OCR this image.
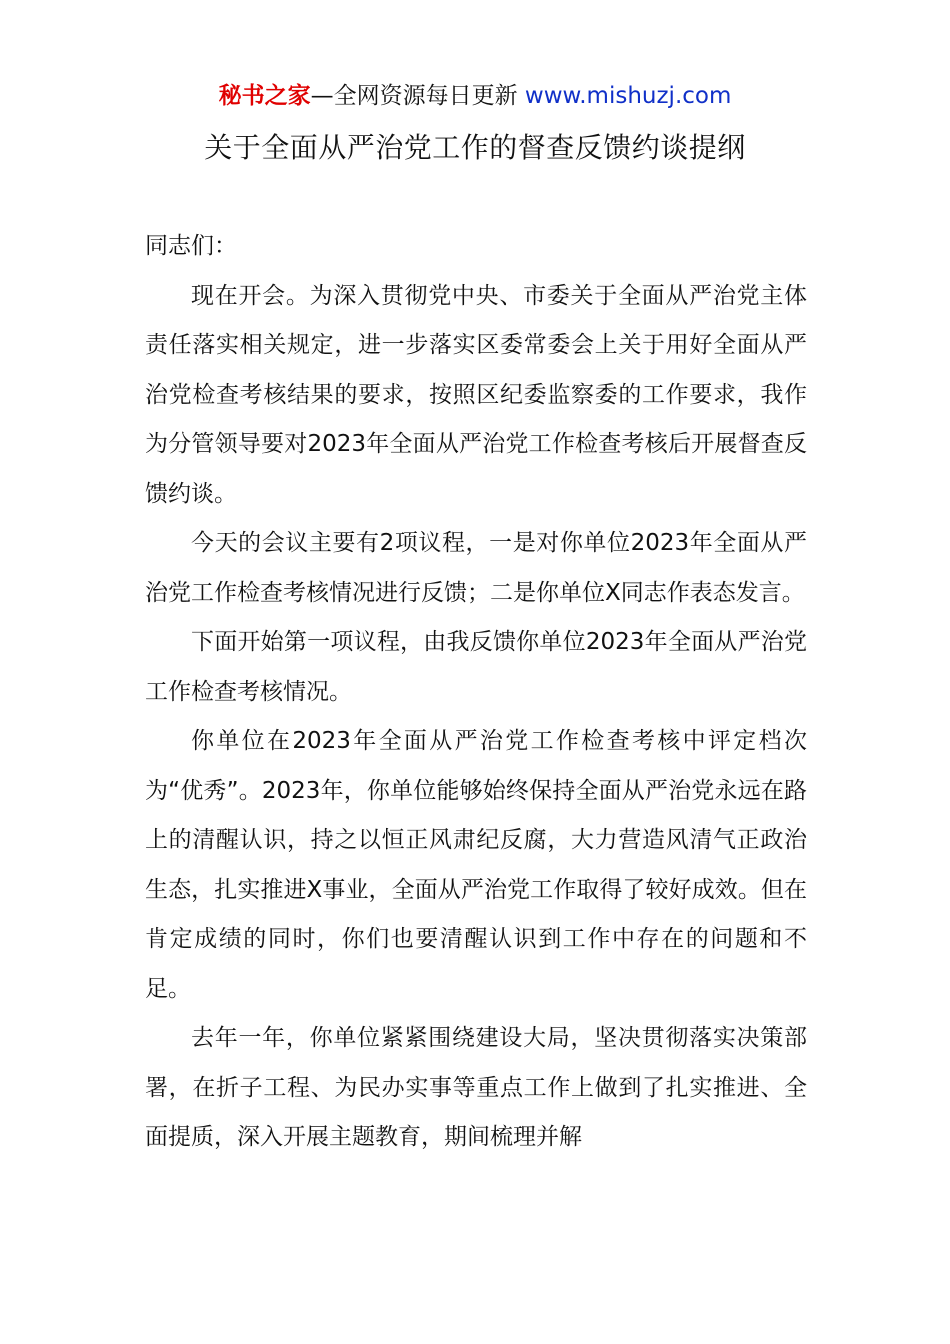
秘书之家—全网资源每日更新 www.mishuzj.com
关于全面从严治党工作的督查反馈约谈提纲

同志们：

现在开会。为深入贯彻党中央、市委关于全面从严治党主体责任落实相关规定，进一步落实区委常委会上关于用好全面从严治党检查考核结果的要求，按照区纪委监察委的工作要求，我作为分管领导要对2023年全面从严治党工作检查考核后开展督查反馈约谈。

今天的会议主要有2项议程，一是对你单位2023年全面从严治党工作检查考核情况进行反馈；二是你单位X同志作表态发言。

下面开始第一项议程，由我反馈你单位2023年全面从严治党工作检查考核情况。

你单位在2023年全面从严治党工作检查考核中评定档次为“优秀”。2023年，你单位能够始终保持全面从严治党永远在路上的清醒认识，持之以恒正风肃纪反腐，大力营造风清气正政治生态，扎实推进X事业，全面从严治党工作取得了较好成效。但在肯定成绩的同时，你们也要清醒认识到工作中存在的问题和不足。

去年一年，你单位紧紧围绕建设大局，坚决贯彻落实决策部署，在折子工程、为民办实事等重点工作上做到了扎实推进、全面提质，深入开展主题教育，期间梳理并解
